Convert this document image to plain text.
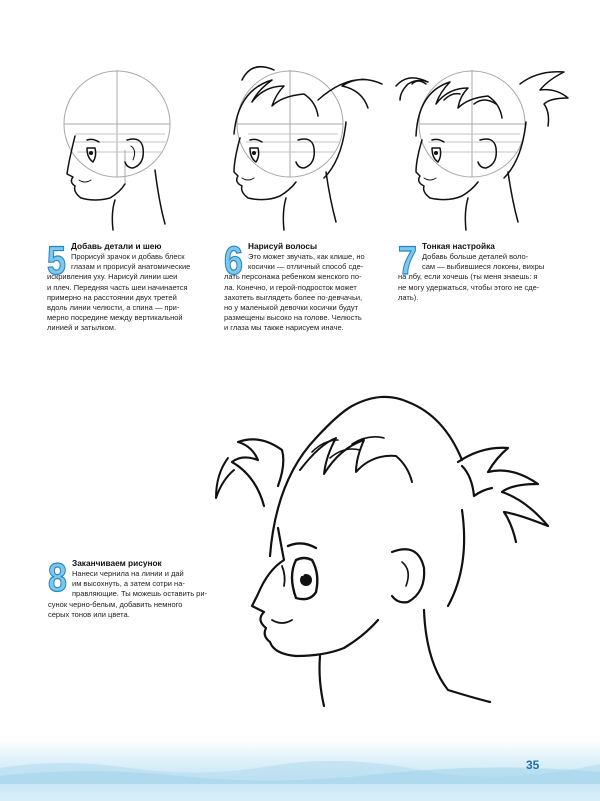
5 Добавь детали и шею
Прорисуй зрачок и добавь блеск
глазам и прорисуй анатомические
искривления уху. Нарисуй линии шеи
и плеч. Передняя часть шеи начинается
примерно на расстоянии двух третей
вдоль линии челюсти, а спина — при-
мерно посредине между вертикальной
линией и затылком.
6 Нарисуй волосы
Это может звучать, как клише, но
косички — отличный способ сде-
лать персонажа ребенком женского по-
ла. Конечно, и герой-подросток может
захотеть выглядеть более по-девчачьи,
но у маленькой девочки косички будут
размещены высоко на голове. Челюсть
и глаза мы также нарисуем иначе.
7 Тонкая настройка
Добавь больше деталей воло-
сам — выбившиеся локоны, вихры
на лбу, если хочешь (ты меня знаешь: я
не могу удержаться, чтобы этого не сде-
лать).
8 Заканчиваем рисунок
Нанеси чернила на линии и дай
им высохнуть, а затем сотри на-
правляющие. Ты можешь оставить ри-
сунок черно-белым, добавить немного
серых тонов или цвета.
35
